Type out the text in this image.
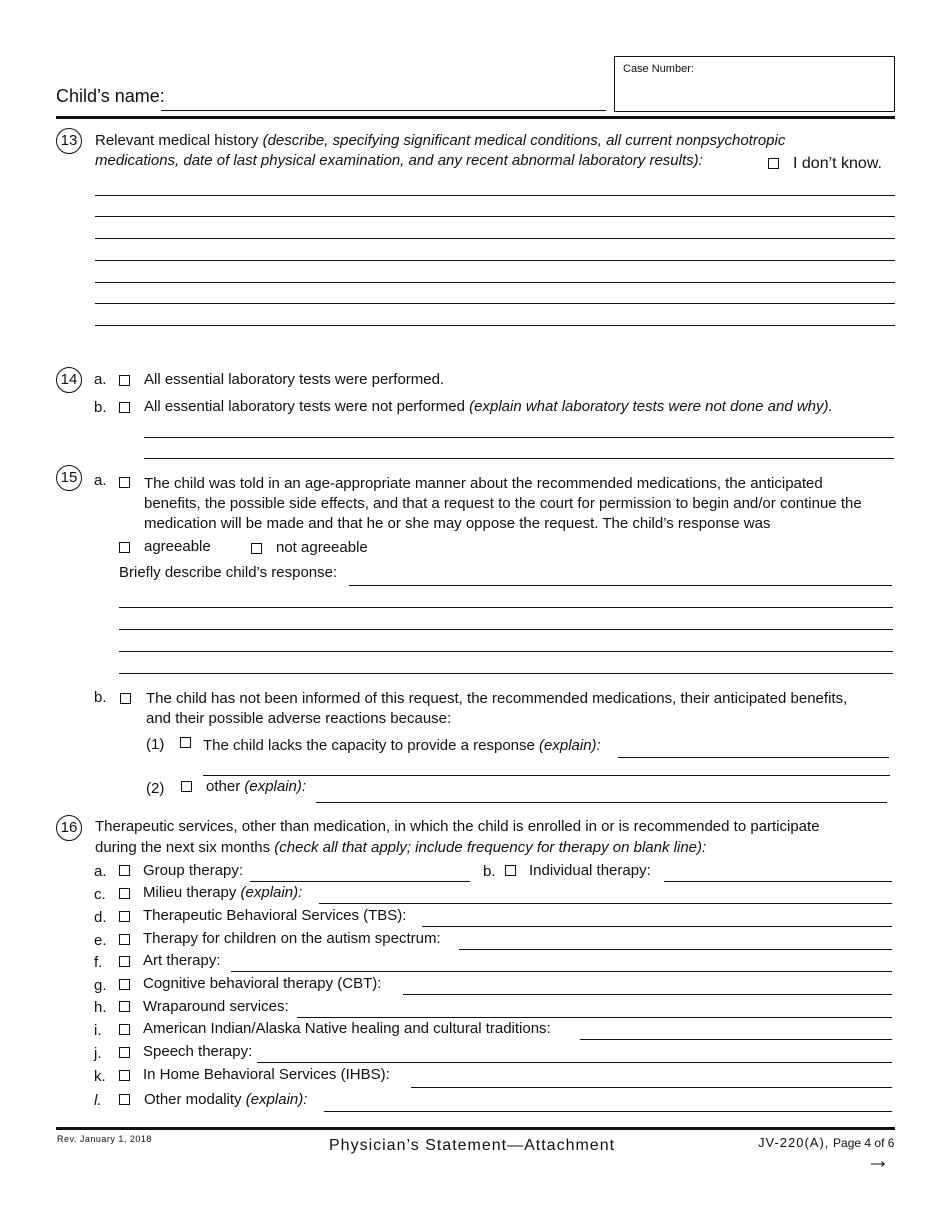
Child’s name:
Case Number:
13	Relevant medical history (describe, specifying significant medical conditions, all current nonpsychotropic
medications, date of last physical examination, and any recent abnormal laboratory results):	I don’t know.
14	a. All essential laboratory tests were performed.
b. All essential laboratory tests were not performed (explain what laboratory tests were not done and why).
15	a. The child was told in an age-appropriate manner about the recommended medications, the anticipated
benefits, the possible side effects, and that a request to the court for permission to begin and/or continue the
medication will be made and that he or she may oppose the request. The child’s response was
agreeable	not agreeable
Briefly describe child’s response:
b.	The child has not been informed of this request, the recommended medications, their anticipated benefits,
and their possible adverse reactions because:
(1)	The child lacks the capacity to provide a response (explain):
(2)	other (explain):
16	Therapeutic services, other than medication, in which the child is enrolled in or is recommended to participate
during the next six months (check all that apply; include frequency for therapy on blank line):
a. Group therapy:	b. Individual therapy:
c. Milieu therapy (explain):
d. Therapeutic Behavioral Services (TBS):
e. Therapy for children on the autism spectrum:
f.	Art therapy:
g. Cognitive behavioral therapy (CBT):
h. Wraparound services:
i.	American Indian/Alaska Native healing and cultural traditions:
j.	Speech therapy:
k. In Home Behavioral Services (IHBS):
l.	Other modality (explain):
Rev. January 1, 2018	Physician’s Statement—Attachment	JV-220(A), Page 4 of 6
→
